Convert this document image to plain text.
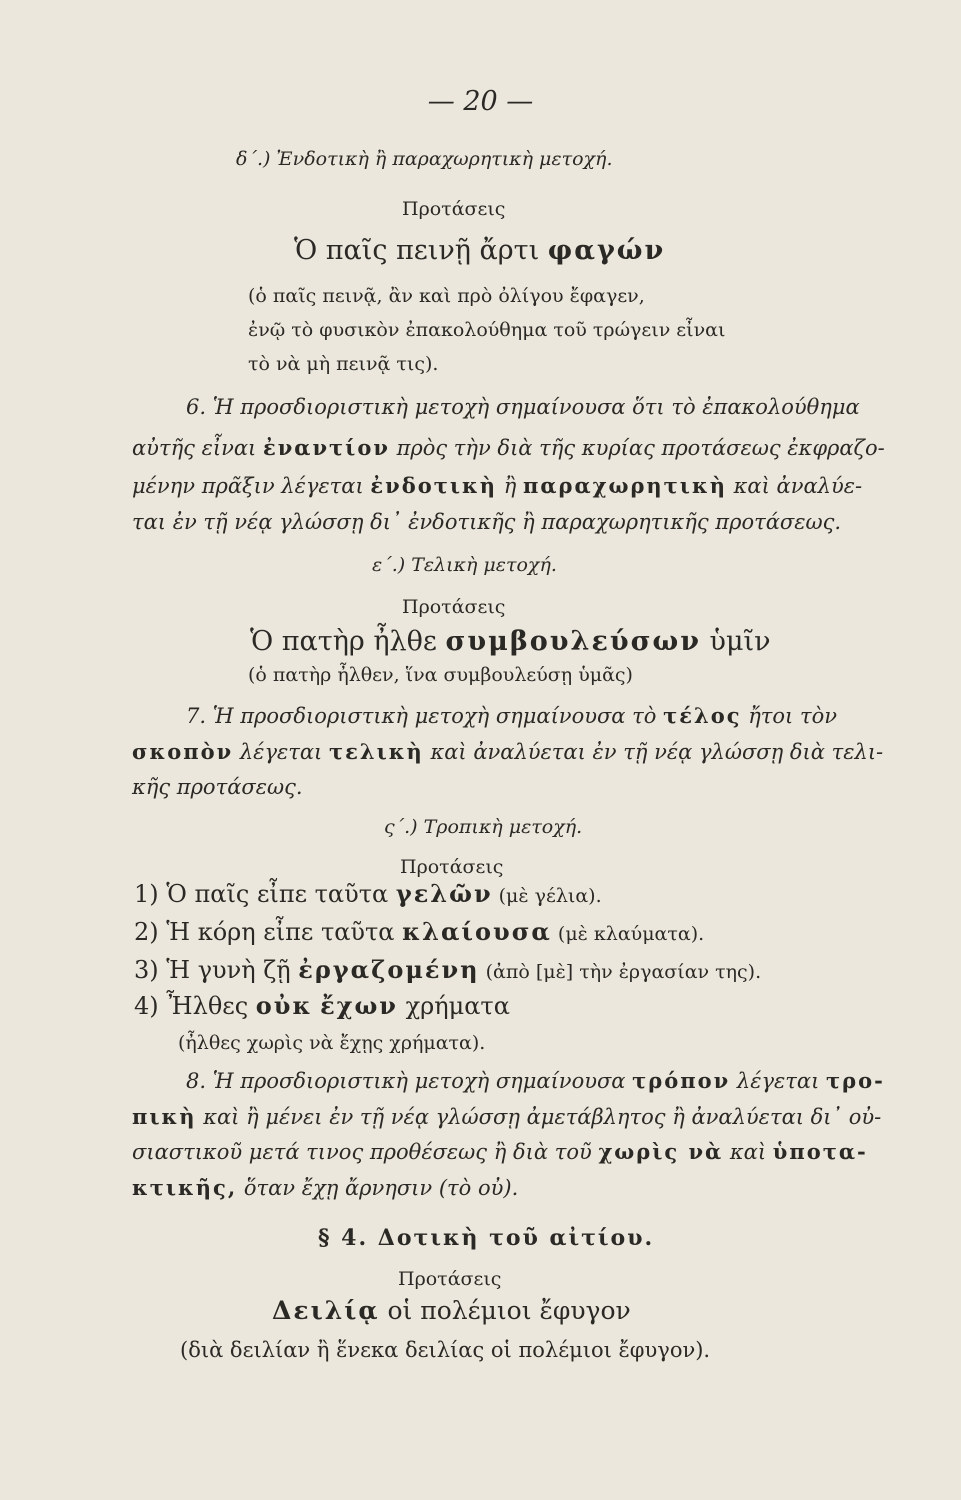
— 20 —
δ΄.) Ἐνδοτικὴ ἢ παραχωρητικὴ μετοχή.
Προτάσεις
Ὁ παῖς πεινῇ ἄρτι φαγών
(ὁ παῖς πεινᾷ, ἂν καὶ πρὸ ὀλίγου ἔφαγεν,
ἐνῷ τὸ φυσικὸν ἐπακολούθημα τοῦ τρώγειν εἶναι
τὸ νὰ μὴ πεινᾷ τις).
6. Ἡ προσδιοριστικὴ μετοχὴ σημαίνουσα ὅτι τὸ ἐπακολούθημα
αὐτῆς εἶναι ἐναντίον πρὸς τὴν διὰ τῆς κυρίας προτάσεως ἐκφραζο-
μένην πρᾶξιν λέγεται ἐνδοτικὴ ἢ παραχωρητικὴ καὶ ἀναλύε-
ται ἐν τῇ νέᾳ γλώσσῃ δι᾽ ἐνδοτικῆς ἢ παραχωρητικῆς προτάσεως.
ε΄.) Τελικὴ μετοχή.
Προτάσεις
Ὁ πατὴρ ἦλθε συμβουλεύσων ὑμῖν
(ὁ πατὴρ ἦλθεν, ἵνα συμβουλεύσῃ ὑμᾶς)
7. Ἡ προσδιοριστικὴ μετοχὴ σημαίνουσα τὸ τέλος ἤτοι τὸν
σκοπὸν λέγεται τελικὴ καὶ ἀναλύεται ἐν τῇ νέᾳ γλώσσῃ διὰ τελι-
κῆς προτάσεως.
ς΄.) Τροπικὴ μετοχή.
Προτάσεις
1) Ὁ παῖς εἶπε ταῦτα γελῶν (μὲ γέλια).
2) Ἡ κόρη εἶπε ταῦτα κλαίουσα (μὲ κλαύματα).
3) Ἡ γυνὴ ζῇ ἐργαζομένη (ἀπὸ [μὲ] τὴν ἐργασίαν της).
4) Ἦλθες οὐκ ἔχων χρήματα
(ἦλθες χωρὶς νὰ ἔχῃς χρήματα).
8. Ἡ προσδιοριστικὴ μετοχὴ σημαίνουσα τρόπον λέγεται τρο-
πικὴ καὶ ἢ μένει ἐν τῇ νέᾳ γλώσσῃ ἀμετάβλητος ἢ ἀναλύεται δι᾽ οὐ-
σιαστικοῦ μετά τινος προθέσεως ἢ διὰ τοῦ χωρὶς νὰ καὶ ὑποτα-
κτικῆς, ὅταν ἔχῃ ἄρνησιν (τὸ οὐ).
§ 4. Δοτικὴ τοῦ αἰτίου.
Προτάσεις
Δειλίᾳ οἱ πολέμιοι ἔφυγον
(διὰ δειλίαν ἢ ἕνεκα δειλίας οἱ πολέμιοι ἔφυγον).
